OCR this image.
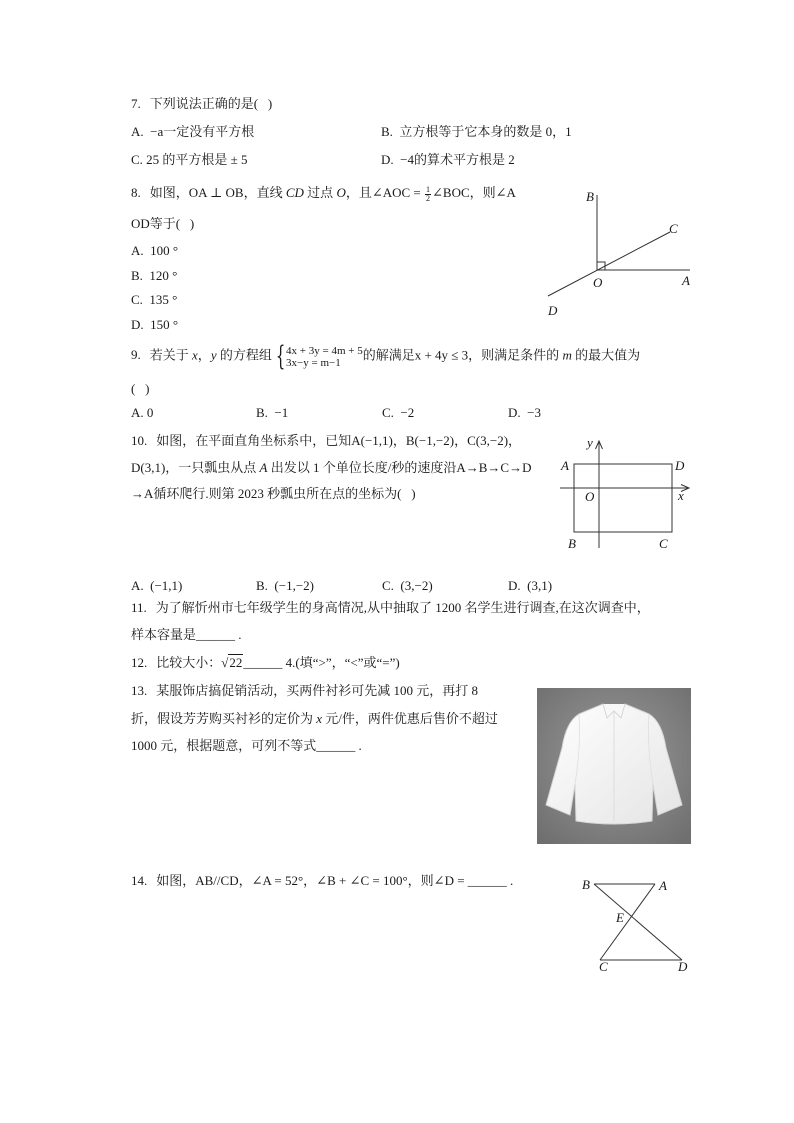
7. 下列说法正确的是(   )
A.  −a一定没有平方根	B.  立方根等于它本身的数是 0，1
C. 25 的平方根是 ± 5	D.  −4的算术平方根是 2
8. 如图，OA ⊥ OB，直线 CD 过点 O，且∠AOC = $\frac{1}{2}$ ∠BOC，则∠A
OD等于(   )
A.  100 °
B.  120 °
C.  135 °
D.  150 °
B
C
O	A
D
9. 若关于 x，y 的方程组 { 4x + 3y = 4m + 5
3x−y = m−1
的解满足x + 4y ≤ 3，则满足条件的 m 的最大值为
(   )
A. 0	B.  −1	C.  −2	D.  −3
10. 如图，在平面直角坐标系中，已知A(−1,1)，B(−1,−2)，C(3,−2)，
D(3,1)，一只瓢虫从点 A 出发以 1 个单位长度/秒的速度沿A→B→C→D
→A循环爬行.则第 2023 秒瓢虫所在点的坐标为(   )
y
A	D
O	x
B	C
A.  (−1,1)	B.  (−1,−2)	C.  (3,−2)	D.  (3,1)
11. 为了解忻州市七年级学生的身高情况,从中抽取了 1200 名学生进行调查,在这次调查中，
样本容量是______ .
12. 比较大小：√22______ 4.(填“>”，“<”或“=”)
13. 某服饰店搞促销活动，买两件衬衫可先减 100 元，再打 8
折，假设芳芳购买衬衫的定价为 x 元/件，两件优惠后售价不超过
1000 元，根据题意，可列不等式______ .
14. 如图，AB//CD，∠A = 52°，∠B + ∠C = 100°，则∠D = ______ .	B	A
E
C	D
